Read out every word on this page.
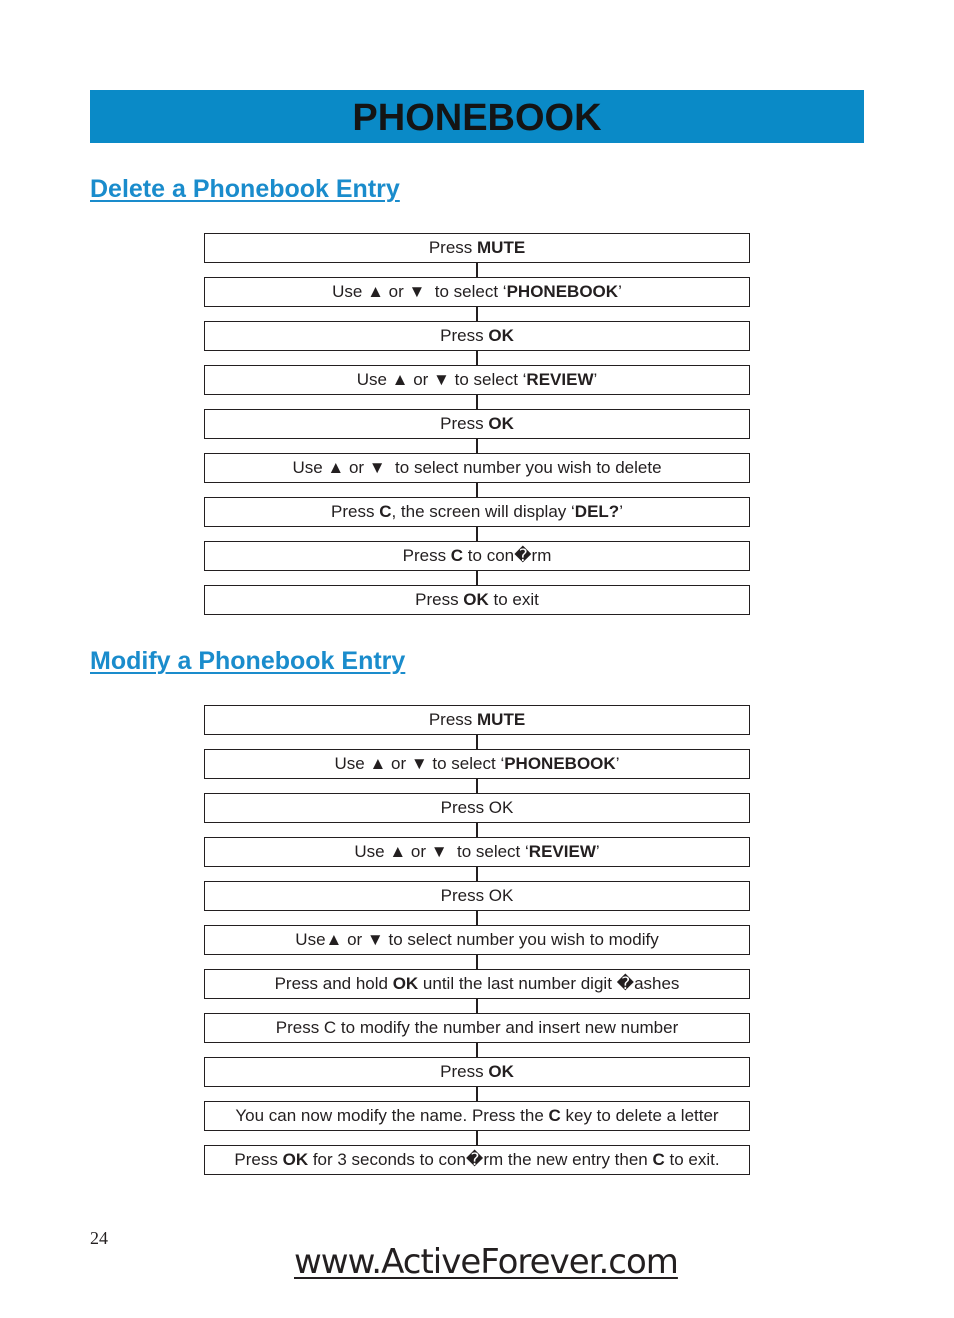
PHONEBOOK
Delete a Phonebook Entry
Press MUTE
Use ▲ or ▼  to select ‘ PHONEBOOK ’
Press OK
Use ▲ or ▼ to select ‘ REVIEW ’
Press OK
Use ▲ or ▼  to select number you wish to delete
Press C , the screen will display ‘ DEL? ’
Press C to con�rm
Press OK to exit
Modify a Phonebook Entry
Press MUTE
Use ▲ or ▼ to select ‘ PHONEBOOK ’
Press OK
Use ▲ or ▼  to select ‘ REVIEW ’
Press OK
Use▲ or ▼ to select number you wish to modify
Press and hold OK until the last number digit �ashes
Press C to modify the number and insert new number
Press OK
You can now modify the name. Press the C key to delete a letter
Press OK for 3 seconds to con�rm the new entry then C to exit.
24
www.ActiveForever.com
